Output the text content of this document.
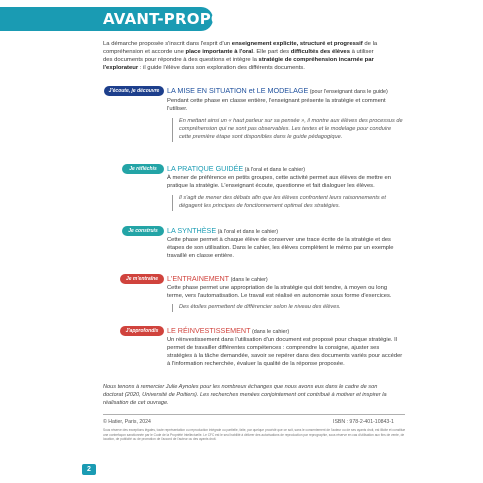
AVANT-PROPOS
La démarche proposée s'inscrit dans l'esprit d'un enseignement explicite, structuré et progressif de la compréhension et accorde une place importante à l'oral. Elle part des difficultés des élèves à utiliser des documents pour répondre à des questions et intègre la stratégie de compréhension incarnée par l'explorateur : il guide l'élève dans son exploration des différents documents.
J'écoute, je découvre	LA MISE EN SITUATION et LE MODELAGE (pour l'enseignant dans le guide)
Pendant cette phase en classe entière, l'enseignant présente la stratégie et comment l'utiliser.
En mettant ainsi un « haut parleur sur sa pensée », il montre aux élèves des processus de compréhension qui ne sont pas observables. Les textes et le modelage pour conduire cette première étape sont disponibles dans le guide pédagogique.
Je réfléchis	LA PRATIQUE GUIDÉE (à l'oral et dans le cahier)
À mener de préférence en petits groupes, cette activité permet aux élèves de mettre en pratique la stratégie. L'enseignant écoute, questionne et fait dialoguer les élèves.
Il s'agit de mener des débats afin que les élèves confrontent leurs raisonnements et dégagent les principes de fonctionnement optimal des stratégies.
Je construis	LA SYNTHÈSE (à l'oral et dans le cahier)
Cette phase permet à chaque élève de conserver une trace écrite de la stratégie et des étapes de son utilisation. Dans le cahier, les élèves complètent le mémo par un exemple travaillé en classe entière.
Je m'entraîne	L'ENTRAINEMENT (dans le cahier)
Cette phase permet une appropriation de la stratégie qui doit tendre, à moyen ou long terme, vers l'automatisation. Le travail est réalisé en autonomie sous forme d'exercices.
Des étoiles permettent de différencier selon le niveau des élèves.
J'approfondis	LE RÉINVESTISSEMENT (dans le cahier)
Un réinvestissement dans l'utilisation d'un document est proposé pour chaque stratégie. Il permet de travailler différentes compétences : comprendre la consigne, ajuster ses stratégies à la tâche demandée, savoir se repérer dans des documents variés pour accéder à l'information recherchée, évaluer la qualité de la réponse proposée.
Nous tenons à remercier Julie Aynoles pour les nombreux échanges que nous avons eus dans le cadre de son doctorat (2020, Université de Poitiers). Les recherches menées conjointement ont contribué à motiver et inspirer la réalisation de cet ouvrage.
© Hatier, Paris, 2024	ISBN : 978-2-401-10843-1
Sous réserve des exceptions légales, toute représentation ou reproduction intégrale ou partielle, faite, par quelque procédé que ce soit, sans le consentement de l'auteur ou de ses ayants droit, est illicite et constitue une contrefaçon sanctionnée par le Code de la Propriété Intellectuelle. Le CFC est le seul habilité à délivrer des autorisations de reproduction par reprographie, sous réserve en cas d'utilisation aux fins de vente, de location, de publicité ou de promotion de l'accord de l'auteur ou des ayants droit.
2
